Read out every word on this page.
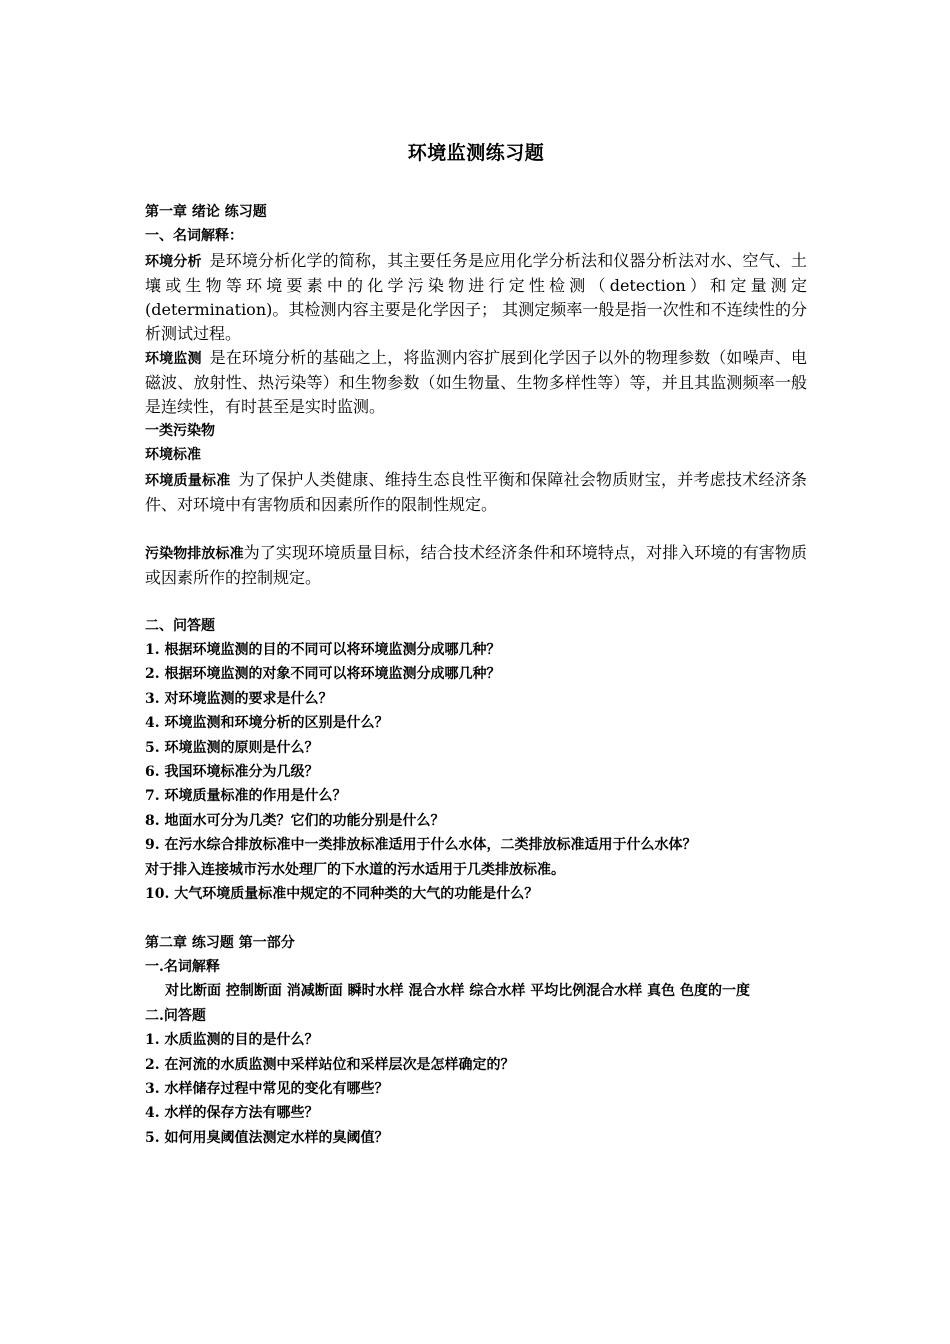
环境监测练习题
第一章 绪论 练习题
一、名词解释：

环境分析 是环境分析化学的简称，其主要任务是应用化学分析法和仪器分析法对水、空气、土壤或生物等环境要素中的化学污染物进行定性检测（detection）和定量测定(determination)。其检测内容主要是化学因子； 其测定频率一般是指一次性和不连续性的分析测试过程。

环境监测 是在环境分析的基础之上，将监测内容扩展到化学因子以外的物理参数（如噪声、电磁波、放射性、热污染等）和生物参数（如生物量、生物多样性等）等，并且其监测频率一般是连续性，有时甚至是实时监测。

一类污染物
环境标准

环境质量标准 为了保护人类健康、维持生态良性平衡和保障社会物质财宝，并考虑技术经济条件、对环境中有害物质和因素所作的限制性规定。

污染物排放标准为了实现环境质量目标，结合技术经济条件和环境特点，对排入环境的有害物质或因素所作的控制规定。

二、问答题
1. 根据环境监测的目的不同可以将环境监测分成哪几种？
2. 根据环境监测的对象不同可以将环境监测分成哪几种？
3. 对环境监测的要求是什么？
4. 环境监测和环境分析的区别是什么？
5. 环境监测的原则是什么？
6. 我国环境标准分为几级？
7. 环境质量标准的作用是什么？
8. 地面水可分为几类？它们的功能分别是什么？
9. 在污水综合排放标准中一类排放标准适用于什么水体，二类排放标准适用于什么水体？
对于排入连接城市污水处理厂的下水道的污水适用于几类排放标准。
10. 大气环境质量标准中规定的不同种类的大气的功能是什么？
第二章 练习题 第一部分
一.名词解释
对比断面 控制断面 消减断面 瞬时水样 混合水样 综合水样 平均比例混合水样 真色 色度的一度
二.问答题
1. 水质监测的目的是什么？
2. 在河流的水质监测中采样站位和采样层次是怎样确定的？
3. 水样储存过程中常见的变化有哪些？
4. 水样的保存方法有哪些？
5. 如何用臭阈值法测定水样的臭阈值？
